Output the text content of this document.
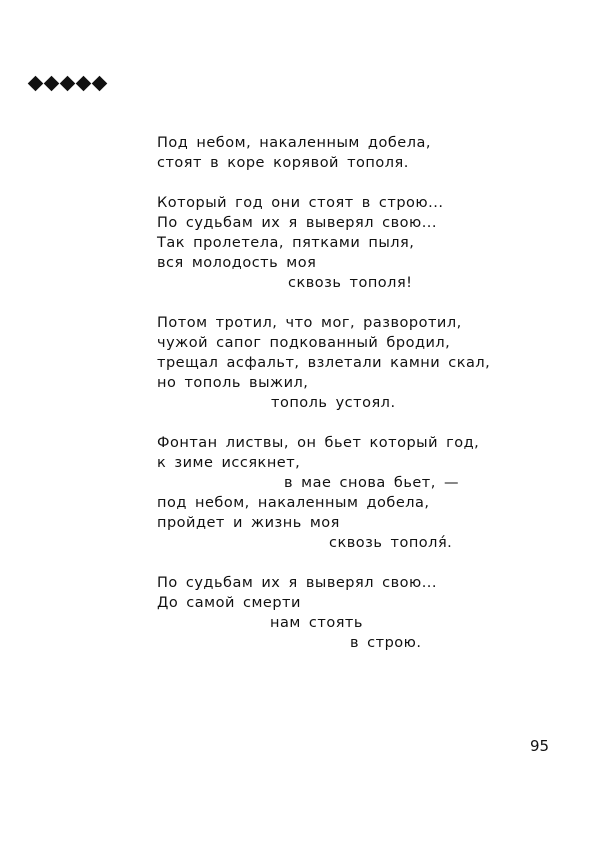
Под небом, накаленным добела,
стоят в коре корявой тополя.
Который год они стоят в строю...
По судьбам их я выверял свою...
Так пролетела, пятками пыля,
вся молодость моя
сквозь тополя!
Потом тротил, что мог, разворотил,
чужой сапог подкованный бродил,
трещал асфальт, взлетали камни скал,
но тополь выжил,
тополь устоял.
Фонтан листвы, он бьет который год,
к зиме иссякнет,
в мае снова бьет, —
под небом, накаленным добела,
пройдет и жизнь моя
сквозь тополя́.
По судьбам их я выверял свою...
До самой смерти
нам стоять
в строю.
95
